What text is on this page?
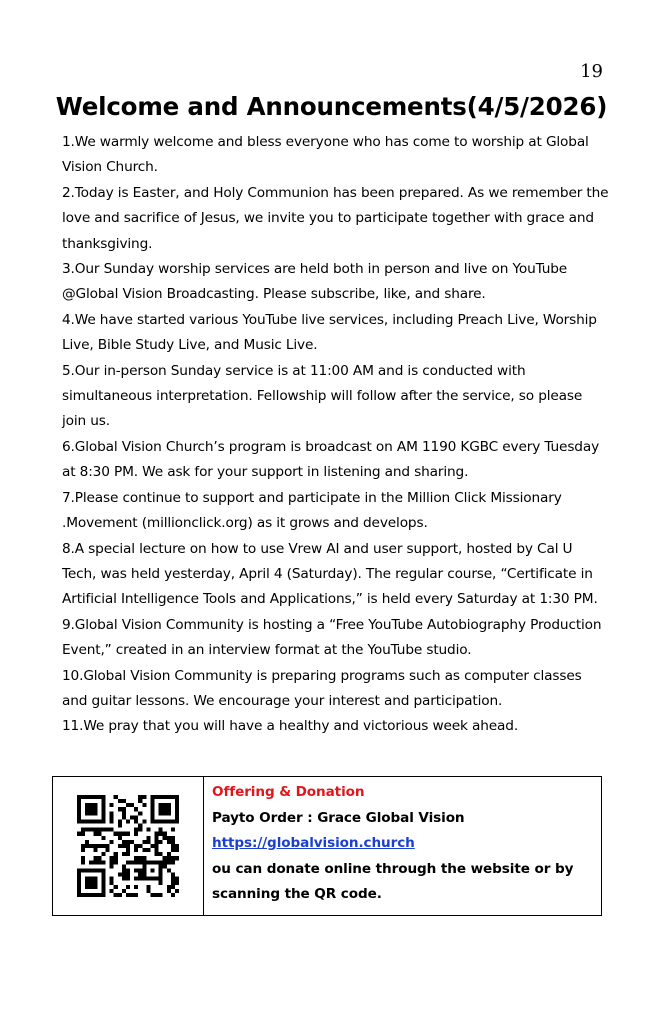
19
Welcome and Announcements(4/5/2026)

1.We warmly welcome and bless everyone who has come to worship at Global Vision Church.

2.Today is Easter, and Holy Communion has been prepared. As we remember the love and sacrifice of Jesus, we invite you to participate together with grace and thanksgiving.

3.Our Sunday worship services are held both in person and live on YouTube @Global Vision Broadcasting. Please subscribe, like, and share.

4.We have started various YouTube live services, including Preach Live, Worship Live, Bible Study Live, and Music Live.

5.Our in-person Sunday service is at 11:00 AM and is conducted with simultaneous interpretation. Fellowship will follow after the service, so please join us.

6.Global Vision Church’s program is broadcast on AM 1190 KGBC every Tuesday at 8:30 PM. We ask for your support in listening and sharing.

7.Please continue to support and participate in the Million Click Missionary .Movement (millionclick.org) as it grows and develops.

8.A special lecture on how to use Vrew AI and user support, hosted by Cal U Tech, was held yesterday, April 4 (Saturday). The regular course, “Certificate in Artificial Intelligence Tools and Applications,” is held every Saturday at 1:30 PM.

9.Global Vision Community is hosting a “Free YouTube Autobiography Production Event,” created in an interview format at the YouTube studio.

10.Global Vision Community is preparing programs such as computer classes and guitar lessons. We encourage your interest and participation.

11.We pray that you will have a healthy and victorious week ahead.

Offering & Donation
Payto Order : Grace Global Vision
https://globalvision.church
ou can donate online through the website or by
scanning the QR code.
